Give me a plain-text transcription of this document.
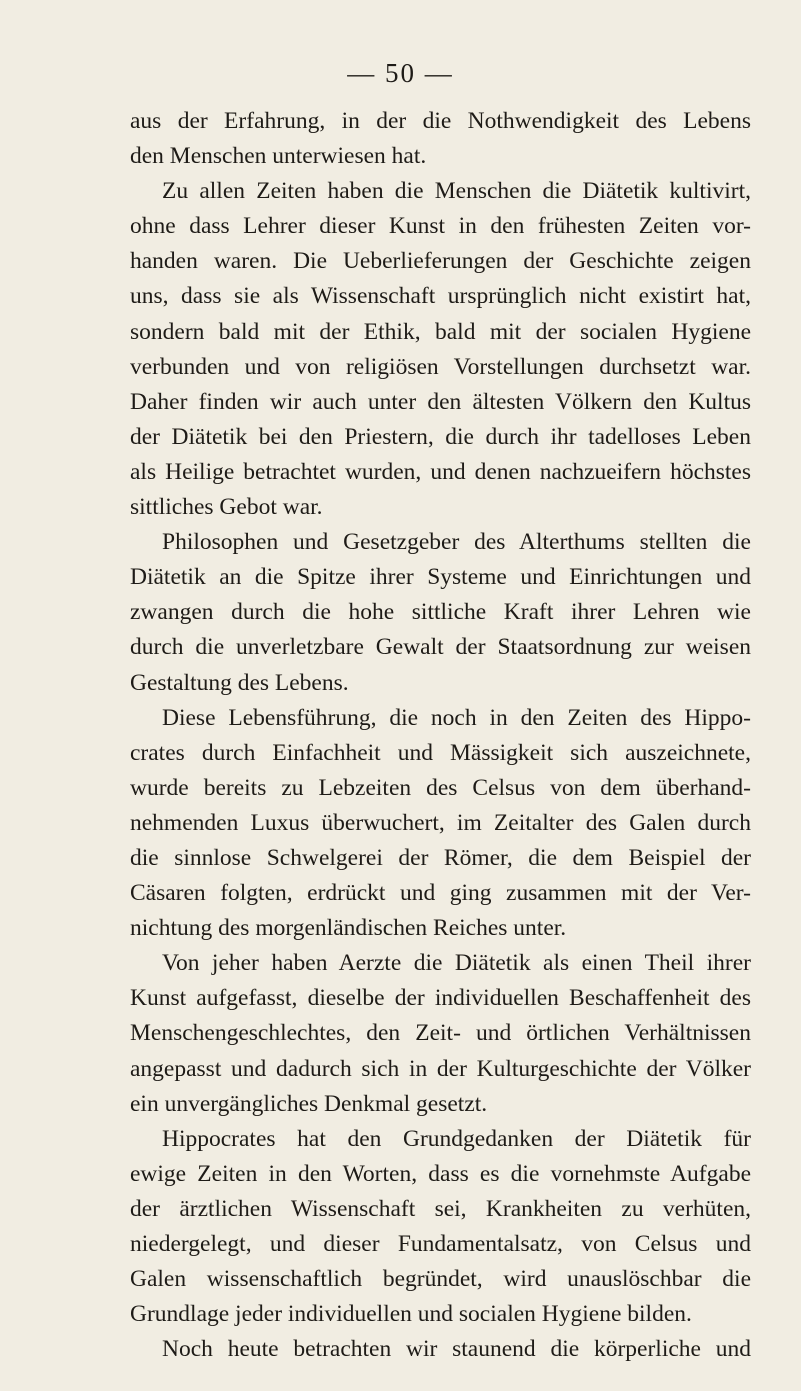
— 50 —
aus der Erfahrung, in der die Nothwendigkeit des Lebens
den Menschen unterwiesen hat.
Zu allen Zeiten haben die Menschen die Diätetik kultivirt,
ohne dass Lehrer dieser Kunst in den frühesten Zeiten vor-
handen waren. Die Ueberlieferungen der Geschichte zeigen
uns, dass sie als Wissenschaft ursprünglich nicht existirt hat,
sondern bald mit der Ethik, bald mit der socialen Hygiene
verbunden und von religiösen Vorstellungen durchsetzt war.
Daher finden wir auch unter den ältesten Völkern den Kultus
der Diätetik bei den Priestern, die durch ihr tadelloses Leben
als Heilige betrachtet wurden, und denen nachzueifern höchstes
sittliches Gebot war.
Philosophen und Gesetzgeber des Alterthums stellten die
Diätetik an die Spitze ihrer Systeme und Einrichtungen und
zwangen durch die hohe sittliche Kraft ihrer Lehren wie
durch die unverletzbare Gewalt der Staatsordnung zur weisen
Gestaltung des Lebens.
Diese Lebensführung, die noch in den Zeiten des Hippo-
crates durch Einfachheit und Mässigkeit sich auszeichnete,
wurde bereits zu Lebzeiten des Celsus von dem überhand-
nehmenden Luxus überwuchert, im Zeitalter des Galen durch
die sinnlose Schwelgerei der Römer, die dem Beispiel der
Cäsaren folgten, erdrückt und ging zusammen mit der Ver-
nichtung des morgenländischen Reiches unter.
Von jeher haben Aerzte die Diätetik als einen Theil ihrer
Kunst aufgefasst, dieselbe der individuellen Beschaffenheit des
Menschengeschlechtes, den Zeit- und örtlichen Verhältnissen
angepasst und dadurch sich in der Kulturgeschichte der Völker
ein unvergängliches Denkmal gesetzt.
Hippocrates hat den Grundgedanken der Diätetik für
ewige Zeiten in den Worten, dass es die vornehmste Aufgabe
der ärztlichen Wissenschaft sei, Krankheiten zu verhüten,
niedergelegt, und dieser Fundamentalsatz, von Celsus und
Galen wissenschaftlich begründet, wird unauslöschbar die
Grundlage jeder individuellen und socialen Hygiene bilden.
Noch heute betrachten wir staunend die körperliche und
